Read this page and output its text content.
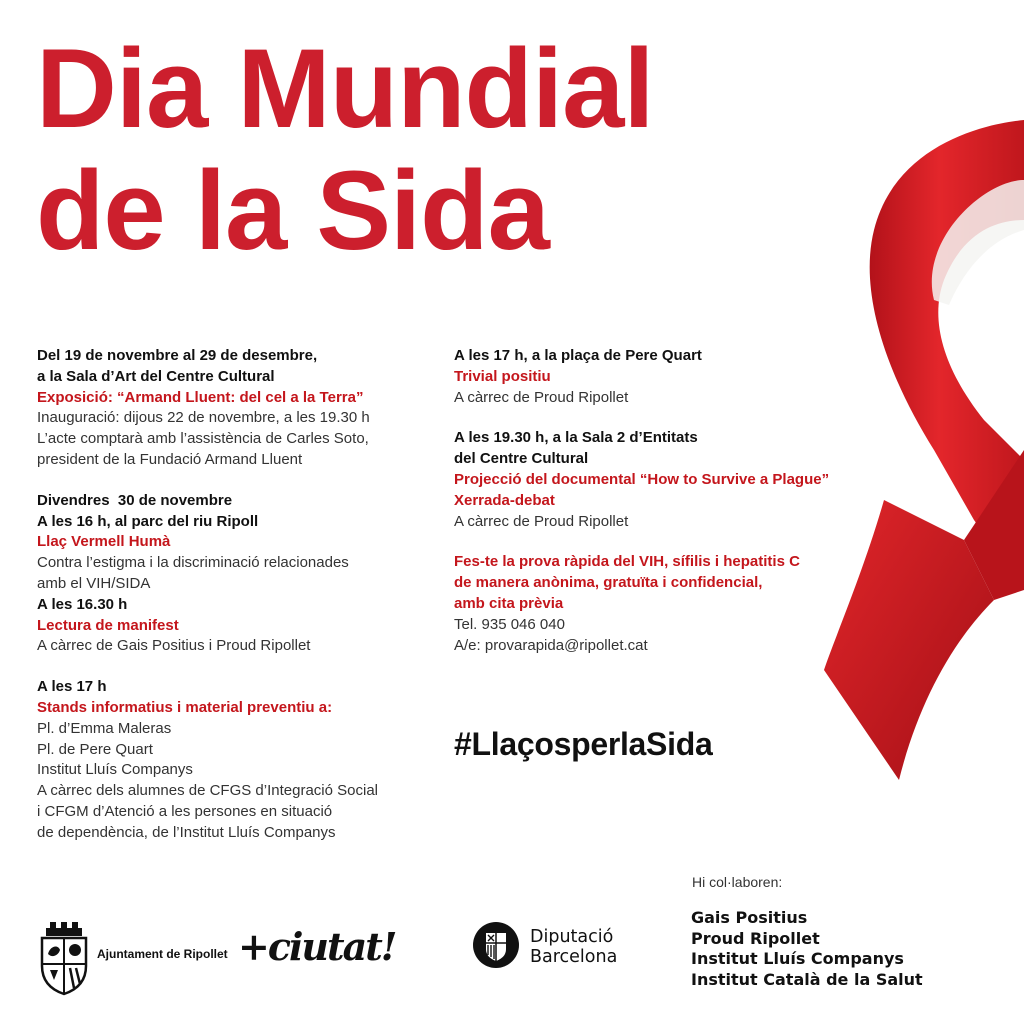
Dia Mundial
de la Sida

Del 19 de novembre al 29 de desembre,

a la Sala d’Art del Centre Cultural

Exposició: “Armand Lluent: del cel a la Terra”

Inauguració: dijous 22 de novembre, a les 19.30 h

L’acte comptarà amb l’assistència de Carles Soto,

president de la Fundació Armand Lluent

Divendres  30 de novembre

A les 16 h, al parc del riu Ripoll

Llaç Vermell Humà

Contra l’estigma i la discriminació relacionades

amb el VIH/SIDA

A les 16.30 h

Lectura de manifest

A càrrec de Gais Positius i Proud Ripollet

A les 17 h

Stands informatius i material preventiu a:

Pl. d’Emma Maleras

Pl. de Pere Quart

Institut Lluís Companys

A càrrec dels alumnes de CFGS d’Integració Social

i CFGM d’Atenció a les persones en situació

de dependència, de l’Institut Lluís Companys

A les 17 h, a la plaça de Pere Quart

Trivial positiu

A càrrec de Proud Ripollet

A les 19.30 h, a la Sala 2 d’Entitats

del Centre Cultural

Projecció del documental “How to Survive a Plague”

Xerrada-debat

A càrrec de Proud Ripollet

Fes-te la prova ràpida del VIH, sífilis i hepatitis C

de manera anònima, gratuïta i confidencial,

amb cita prèvia

Tel. 935 046 040

A/e: provarapida@ripollet.cat

#LlaçosperlaSida
Hi col·laboren:
Gais Positius
Proud Ripollet
Institut Lluís Companys
Institut Català de la Salut
Ajuntament de Ripollet +ciutat!	Diputació
Barcelona
